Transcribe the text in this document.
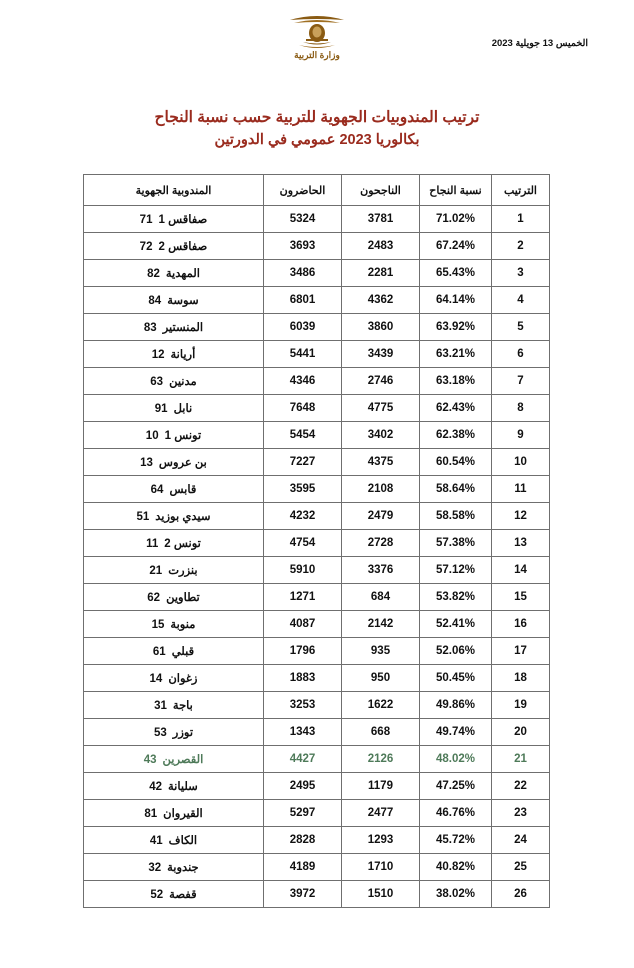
الخميس 13 جويلية 2023
وزارة التربية
ترتيب المندوبيات الجهوية للتربية حسب نسبة النجاح
بكالوريا 2023 عمومي في الدورتين
الترتيب	نسبة النجاح	الناجحون	الحاضرون	المندوبية الجهوية
1	71.02%	3781	5324	صفاقس 171
2	67.24%	2483	3693	صفاقس 272
3	65.43%	2281	3486	المهدية82
4	64.14%	4362	6801	سوسة84
5	63.92%	3860	6039	المنستير83
6	63.21%	3439	5441	أريانة12
7	63.18%	2746	4346	مدنين63
8	62.43%	4775	7648	نابل91
9	62.38%	3402	5454	تونس 110
10	60.54%	4375	7227	بن عروس13
11	58.64%	2108	3595	قابس64
12	58.58%	2479	4232	سيدي بوزيد51
13	57.38%	2728	4754	تونس 211
14	57.12%	3376	5910	بنزرت21
15	53.82%	684	1271	تطاوين62
16	52.41%	2142	4087	منوبة15
17	52.06%	935	1796	قبلي61
18	50.45%	950	1883	زغوان14
19	49.86%	1622	3253	باجة31
20	49.74%	668	1343	توزر53
21	48.02%	2126	4427	القصرين43
22	47.25%	1179	2495	سليانة42
23	46.76%	2477	5297	القيروان81
24	45.72%	1293	2828	الكاف41
25	40.82%	1710	4189	جندوبة32
26	38.02%	1510	3972	قفصة52
